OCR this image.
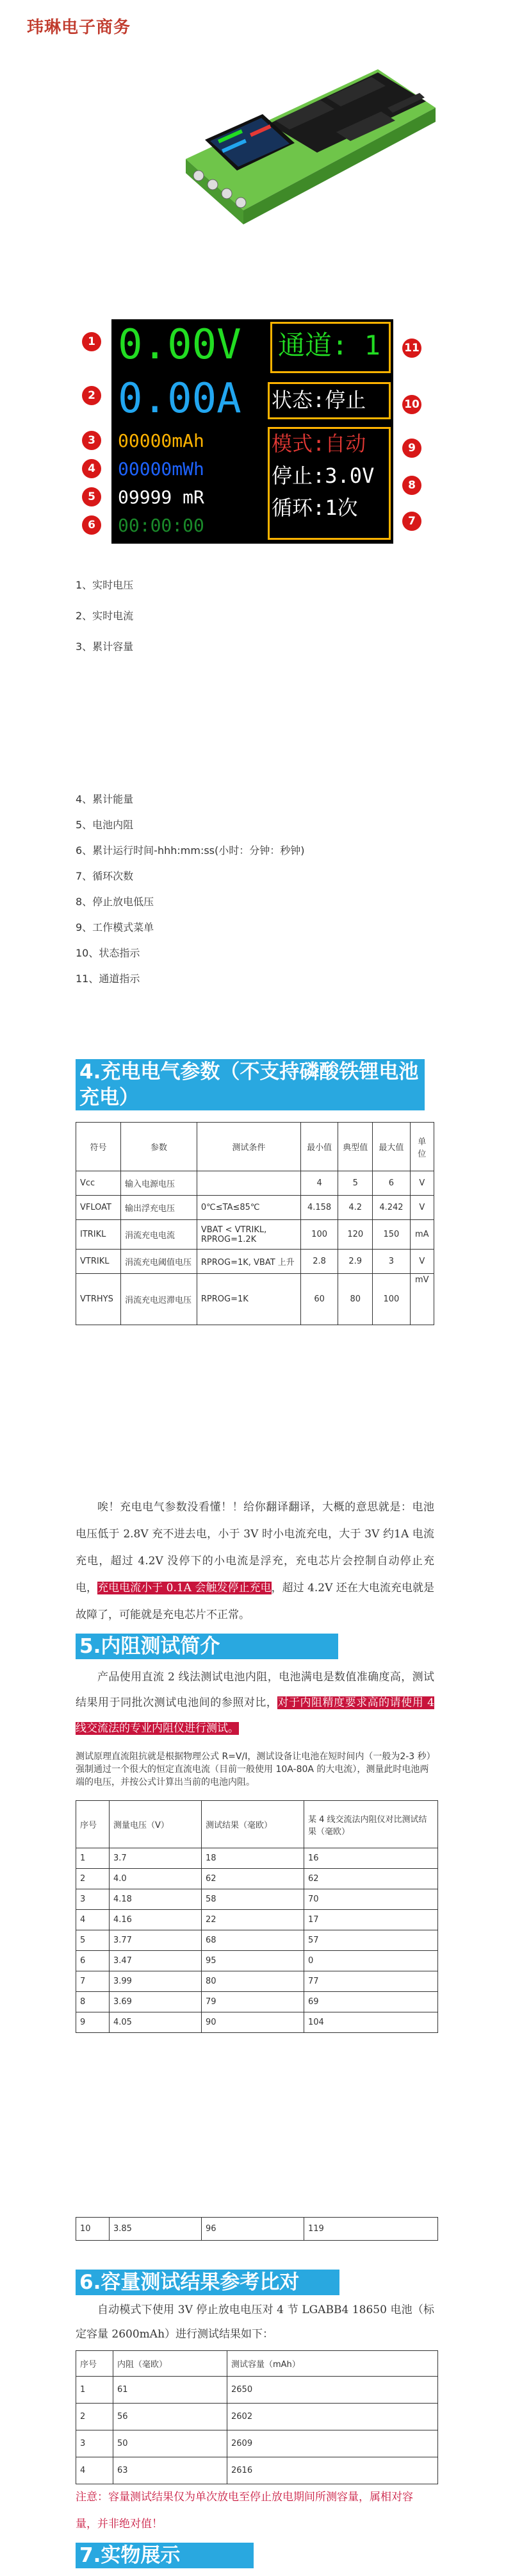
玮琳电子商务
0.00V
0.00A
00000mAh
00000mWh
09999 mR
00:00:00
通道: 1
状态:停止
模式:自动
停止:3.0V
循环:1次
1
2
3
4
5
6	7
8
9
10
11
1、实时电压
2、实时电流
3、累计容量
4、累计能量
5、电池内阻
6、累计运行时间-hhh:mm:ss(小时：分钟：秒钟)
7、循环次数
8、停止放电低压
9、工作模式菜单
10、状态指示
11、通道指示
4.充电电气参数（不支持磷酸铁锂电池充电）
符号	参数	测试条件	最小值	典型值	最大值	单位
Vcc	输入电源电压		4	5	6	V
VFLOAT	输出浮充电压	0℃≤TA≤85℃	4.158	4.2	4.242	V
ITRIKL	涓流充电电流	VBAT < VTRIKL, RPROG=1.2K	100	120	150	mA
VTRIKL	涓流充电阈值电压	RPROG=1K, VBAT 上升	2.8	2.9	3	V
VTRHYS	涓流充电迟滞电压	RPROG=1K	60	80	100	mV

唉！充电电气参数没看懂！！给你翻译翻译，大概的意思就是：电池电压低于 2.8V 充不进去电，小于 3V 时小电流充电，大于 3V 约1A 电流充电，超过 4.2V 没停下的小电流是浮充，充电芯片会控制自动停止充电，充电电流小于 0.1A 会触发停止充电，超过 4.2V 还在大电流充电就是故障了，可能就是充电芯片不正常。

5.内阻测试简介

产品使用直流 2 线法测试电池内阻，电池满电是数值准确度高，测试结果用于同批次测试电池间的参照对比，对于内阻精度要求高的请使用 4 线交流法的专业内阻仪进行测试。

测试原理直流阻抗就是根据物理公式 R=V/I，测试设备让电池在短时间内（一般为2-3 秒）强制通过一个很大的恒定直流电流（目前一般使用 10A-80A 的大电流），测量此时电池两端的电压，并按公式计算出当前的电池内阻。

序号	测量电压（V）	测试结果（毫欧）	某 4 线交流法内阻仪对比测试结果（毫欧）
1	3.7	18	16
2	4.0	62	62
3	4.18	58	70
4	4.16	22	17
5	3.77	68	57
6	3.47	95	0
7	3.99	80	77
8	3.69	79	69
9	4.05	90	104
10	3.85	96	119
6.容量测试结果参考比对

自动模式下使用 3V 停止放电电压对 4 节 LGABB4 18650 电池（标定容量 2600mAh）进行测试结果如下：

序号	内阻（毫欧）	测试容量（mAh）
1	61	2650
2	56	2602
3	50	2609
4	63	2616

注意：容量测试结果仅为单次放电至停止放电期间所测容量，属相对容量，并非绝对值！

7.实物展示
